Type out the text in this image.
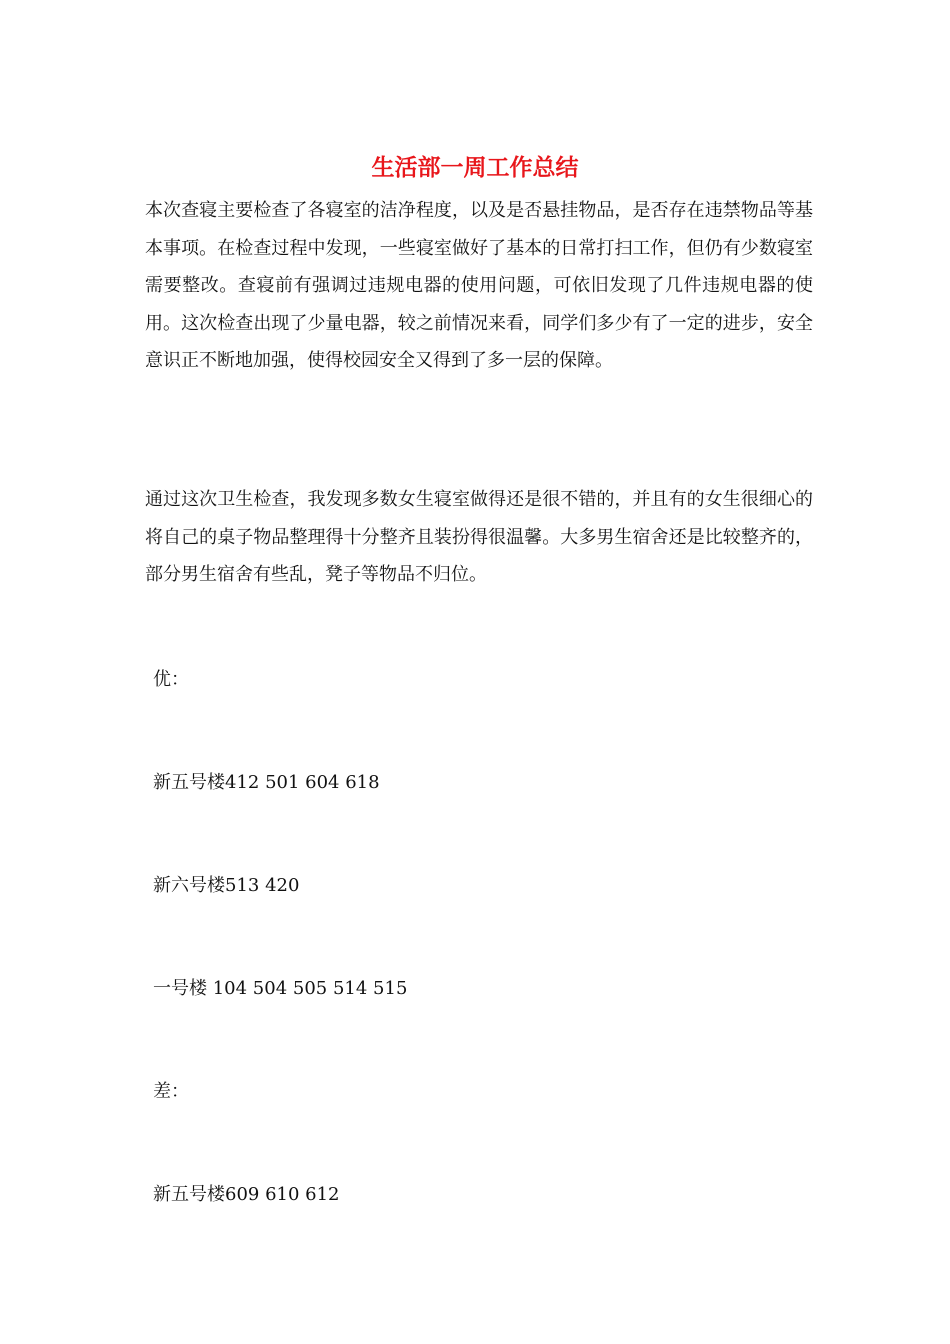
生活部一周工作总结

本次查寝主要检查了各寝室的洁净程度，以及是否悬挂物品，是否存在违禁物品等基本事项。在检查过程中发现，一些寝室做好了基本的日常打扫工作，但仍有少数寝室需要整改。查寝前有强调过违规电器的使用问题，可依旧发现了几件违规电器的使用。这次检查出现了少量电器，较之前情况来看，同学们多少有了一定的进步，安全意识正不断地加强，使得校园安全又得到了多一层的保障。

通过这次卫生检查，我发现多数女生寝室做得还是很不错的，并且有的女生很细心的将自己的桌子物品整理得十分整齐且装扮得很温馨。大多男生宿舍还是比较整齐的，部分男生宿舍有些乱，凳子等物品不归位。

优：

新五号楼412 501 604 618

新六号楼513 420

一号楼 104 504 505 514 515

差：

新五号楼609 610 612
